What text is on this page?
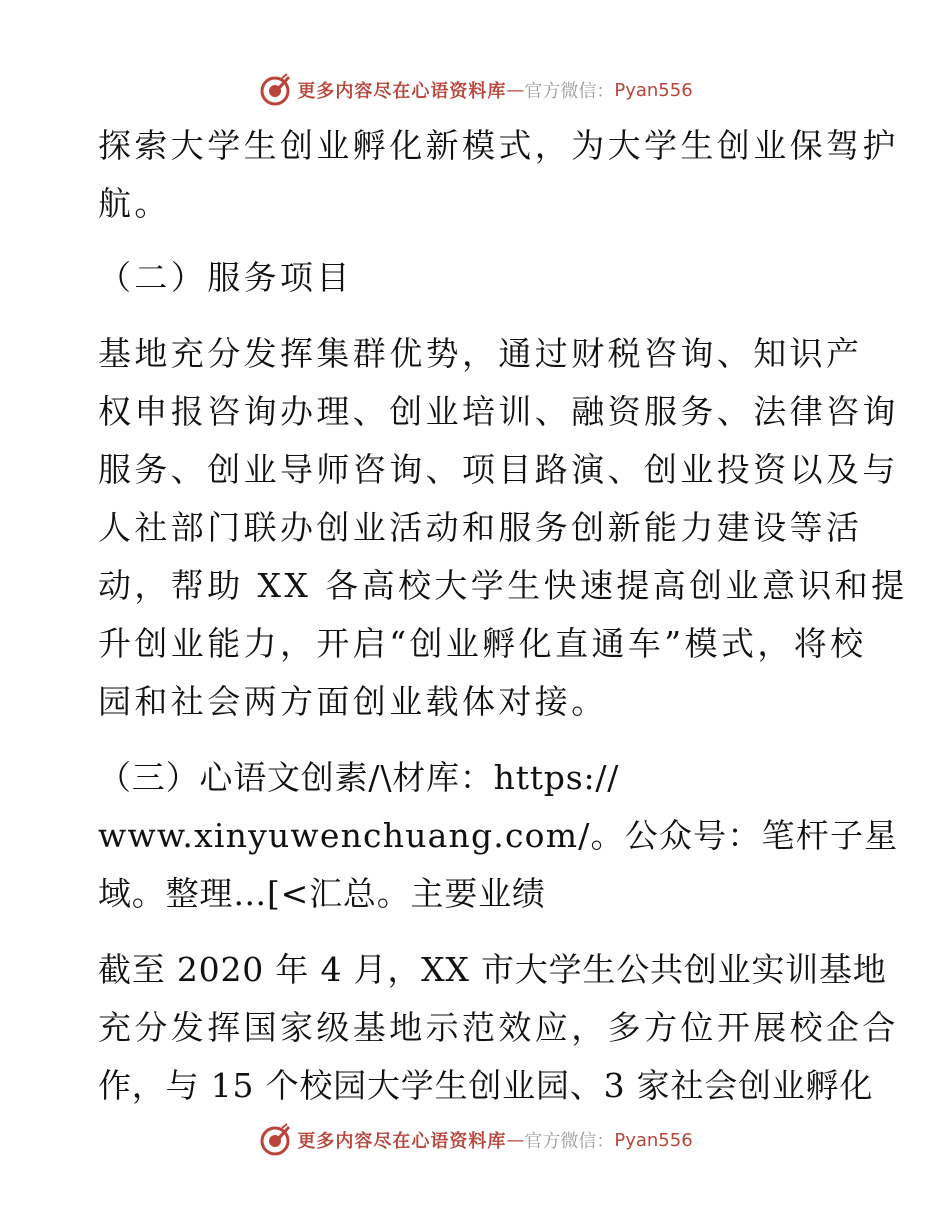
更多内容尽在心语资料库 — 官方微信： Pyan556
探索大学生创业孵化新模式，为大学生创业保驾护
航。
（二）服务项目
基地充分发挥集群优势，通过财税咨询、知识产
权申报咨询办理、创业培训、融资服务、法律咨询
服务、创业导师咨询、项目路演、创业投资以及与
人社部门联办创业活动和服务创新能力建设等活
动，帮助 XX 各高校大学生快速提高创业意识和提
升创业能力，开启“创业孵化直通车”模式，将校
园和社会两方面创业载体对接。
（三）心语文创素/\材库：https://
www.xinyuwenchuang.com/。公众号：笔杆子星
域。整理…[<汇总。主要业绩
截至 2020 年 4 月，XX 市大学生公共创业实训基地
充分发挥国家级基地示范效应，多方位开展校企合
作，与 15 个校园大学生创业园、3 家社会创业孵化
更多内容尽在心语资料库 — 官方微信： Pyan556
